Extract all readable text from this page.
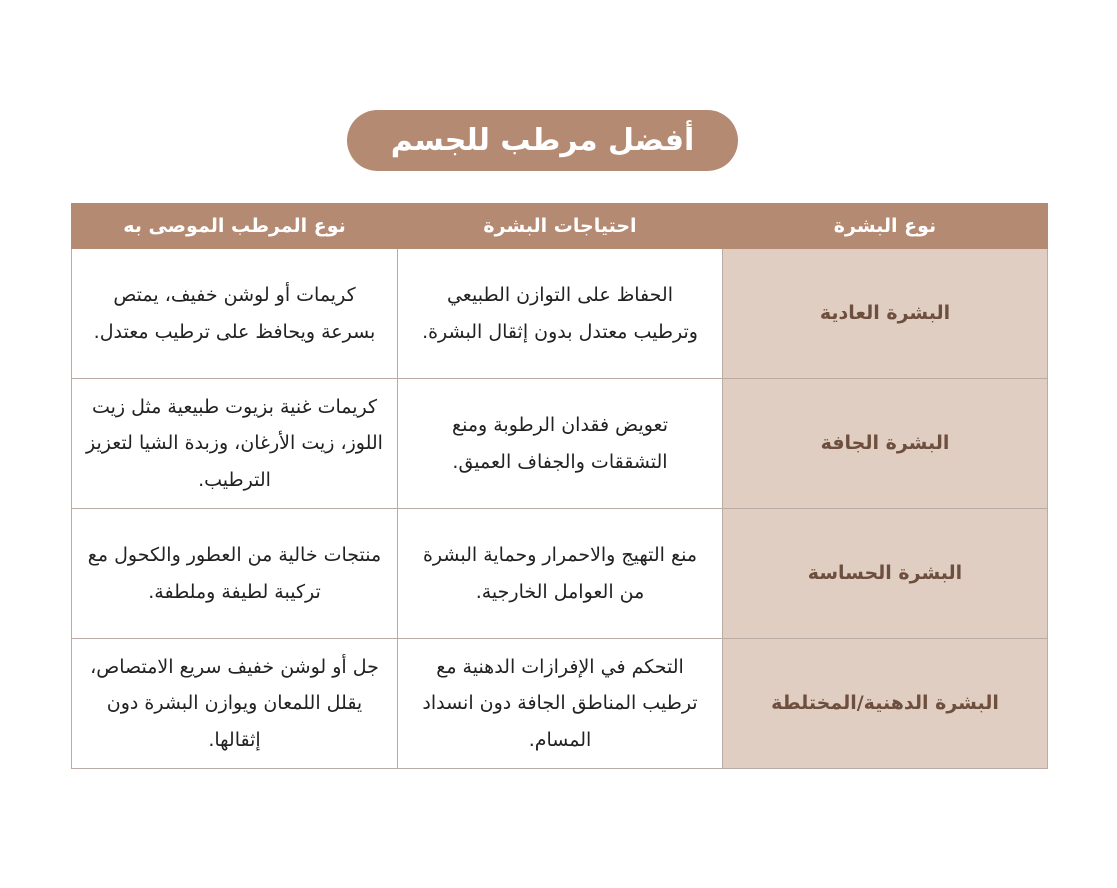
أفضل مرطب للجسم
نوع البشرة	احتياجات البشرة	نوع المرطب الموصى به
البشرة العادية	الحفاظ على التوازن الطبيعي وترطيب معتدل بدون إثقال البشرة.	كريمات أو لوشن خفيف، يمتص بسرعة ويحافظ على ترطيب معتدل.
البشرة الجافة	تعويض فقدان الرطوبة ومنع التشققات والجفاف العميق.	كريمات غنية بزيوت طبيعية مثل زيت اللوز، زيت الأرغان، وزبدة الشيا لتعزيز الترطيب.
البشرة الحساسة	منع التهيج والاحمرار وحماية البشرة من العوامل الخارجية.	منتجات خالية من العطور والكحول مع تركيبة لطيفة وملطفة.
البشرة الدهنية/المختلطة	التحكم في الإفرازات الدهنية مع ترطيب المناطق الجافة دون انسداد المسام.	جل أو لوشن خفيف سريع الامتصاص، يقلل اللمعان ويوازن البشرة دون إثقالها.
